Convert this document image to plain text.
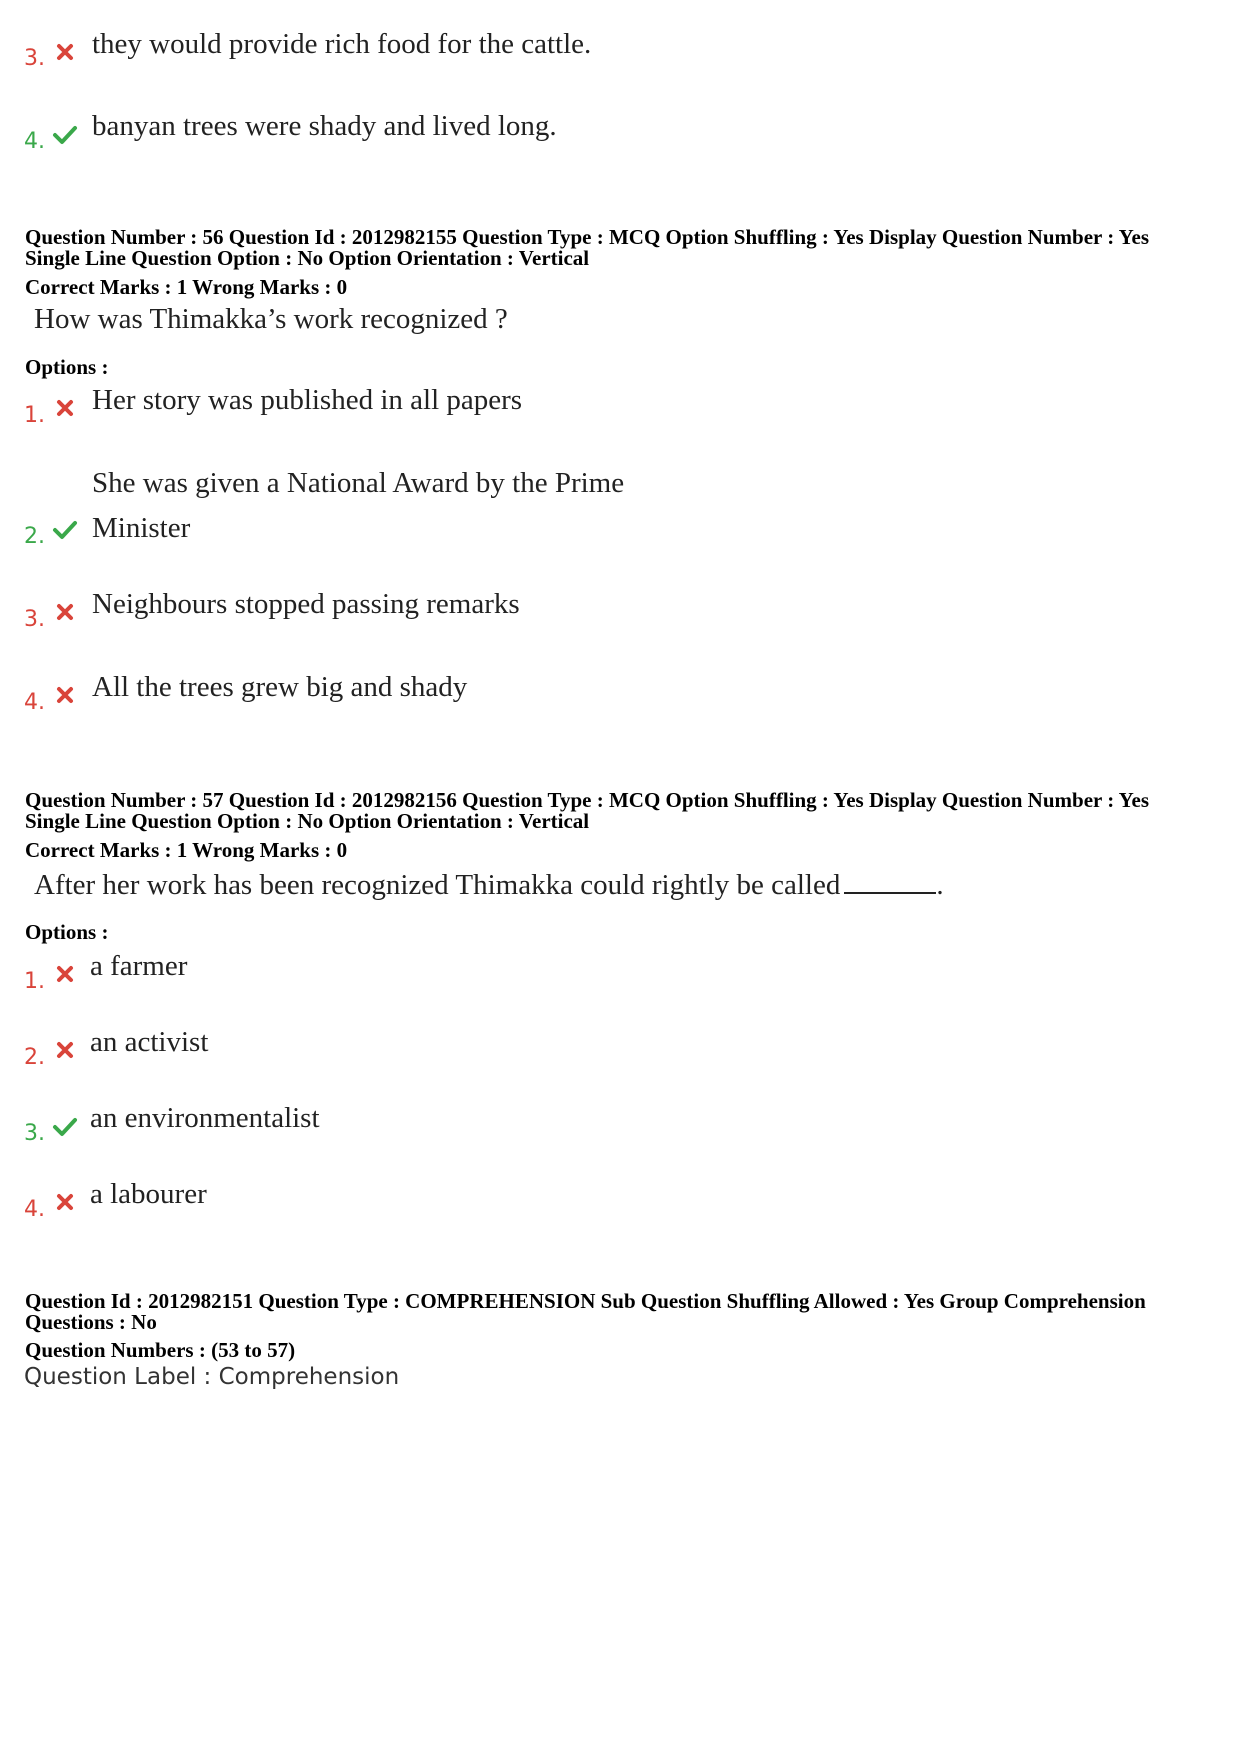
3. they would provide rich food for the cattle.
4. banyan trees were shady and lived long.

Question Number : 56 Question Id : 2012982155 Question Type : MCQ Option Shuffling : Yes Display Question Number : Yes

Single Line Question Option : No Option Orientation : Vertical

Correct Marks : 1 Wrong Marks : 0

How was Thimakka’s work recognized ?

Options :

1. Her story was published in all papers
She was given a National Award by the Prime
2. Minister
3. Neighbours stopped passing remarks
4. All the trees grew big and shady

Question Number : 57 Question Id : 2012982156 Question Type : MCQ Option Shuffling : Yes Display Question Number : Yes

Single Line Question Option : No Option Orientation : Vertical

Correct Marks : 1 Wrong Marks : 0

After her work has been recognized Thimakka could rightly be called	.

Options :

1. a farmer
2. an activist
3. an environmentalist
4. a labourer

Question Id : 2012982151 Question Type : COMPREHENSION Sub Question Shuffling Allowed : Yes Group Comprehension

Questions : No

Question Numbers : (53 to 57)

Question Label : Comprehension
